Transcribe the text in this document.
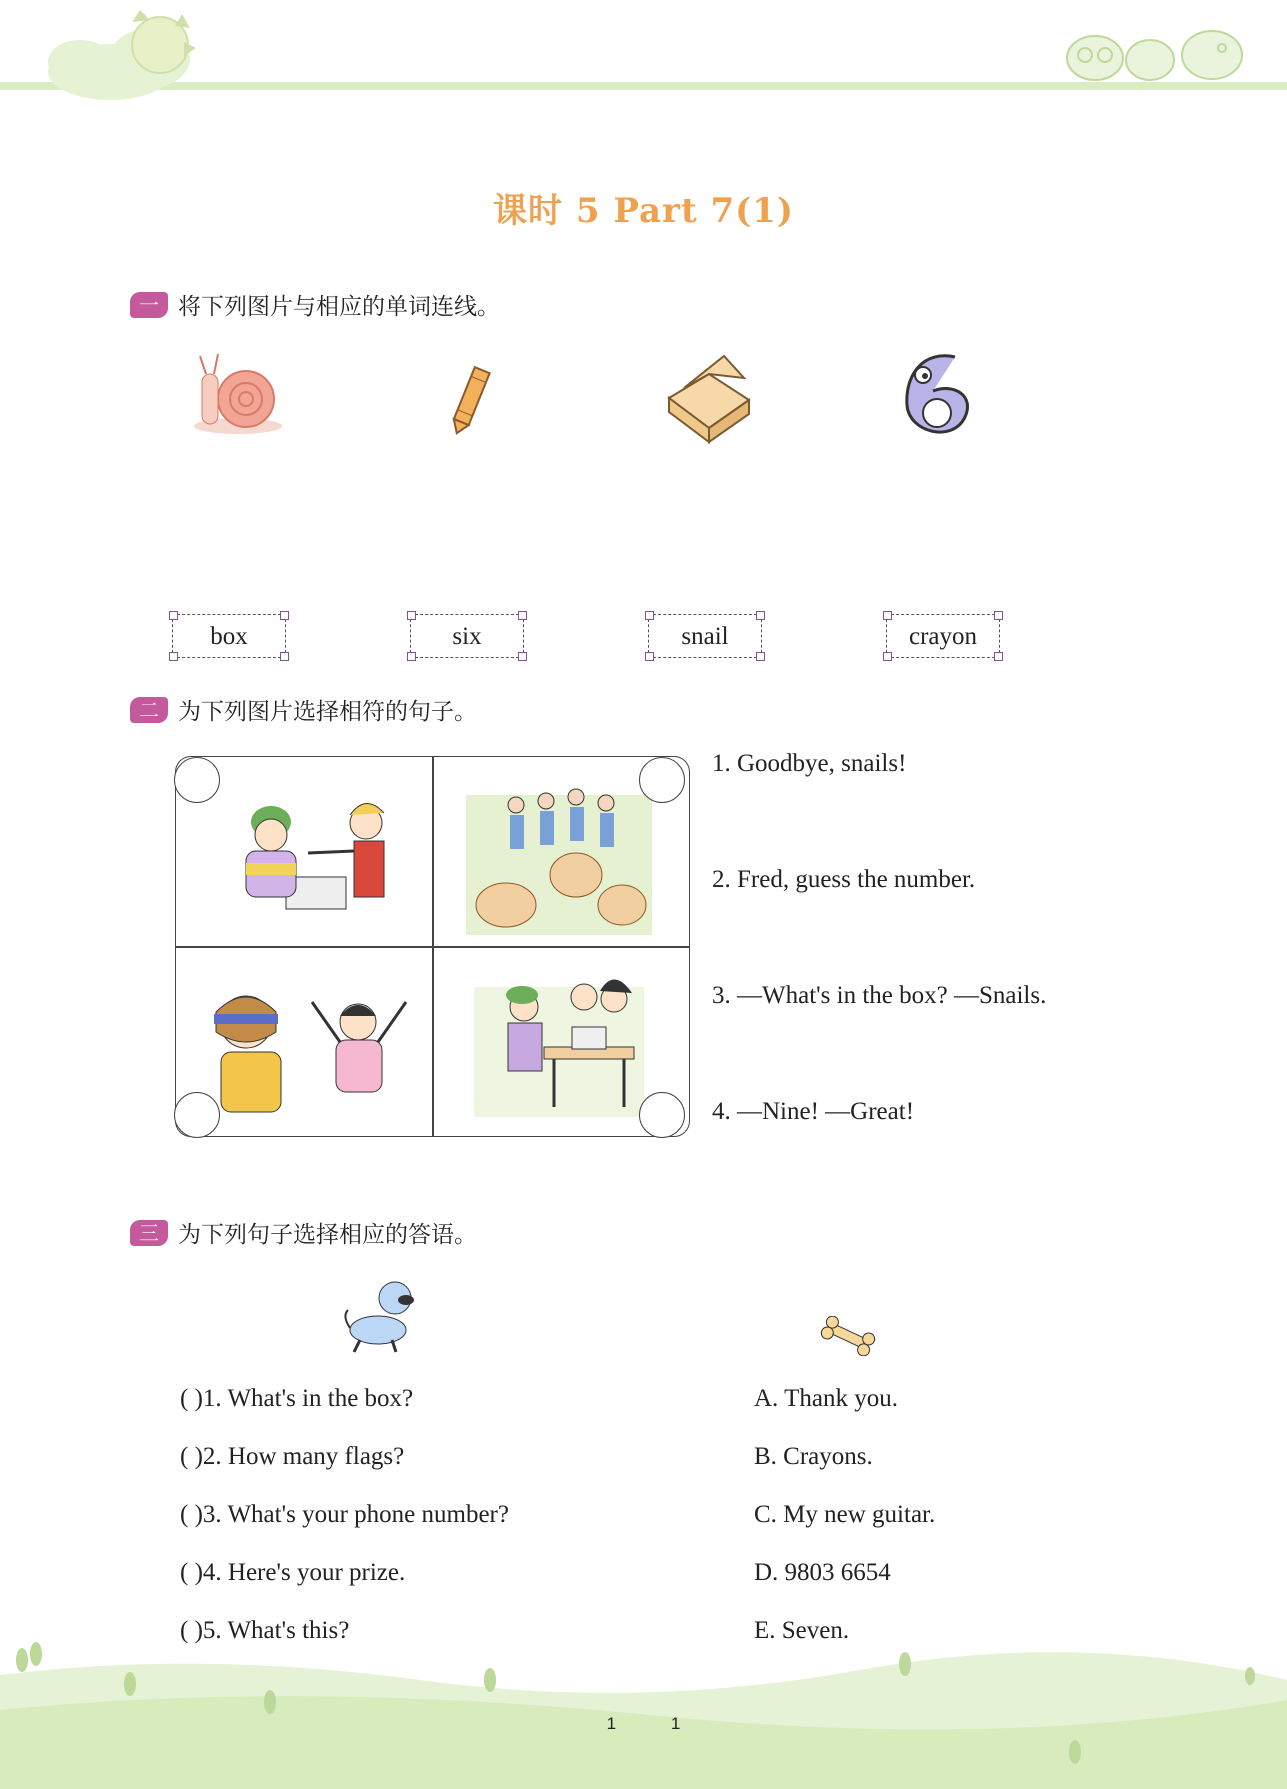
课时 5 Part 7(1)
一 将下列图片与相应的单词连线。
box	six	snail	crayon
二 为下列图片选择相符的句子。
1. Goodbye, snails!
2. Fred, guess the number.
3. —What's in the box? —Snails.
4. —Nine! —Great!
三 为下列句子选择相应的答语。
( )1. What's in the box?
( )2. How many flags?
( )3. What's your phone number?
( )4. Here's your prize.
( )5. What's this?
A. Thank you.
B. Crayons.
C. My new guitar.
D. 9803 6654
E. Seven.
1 1
